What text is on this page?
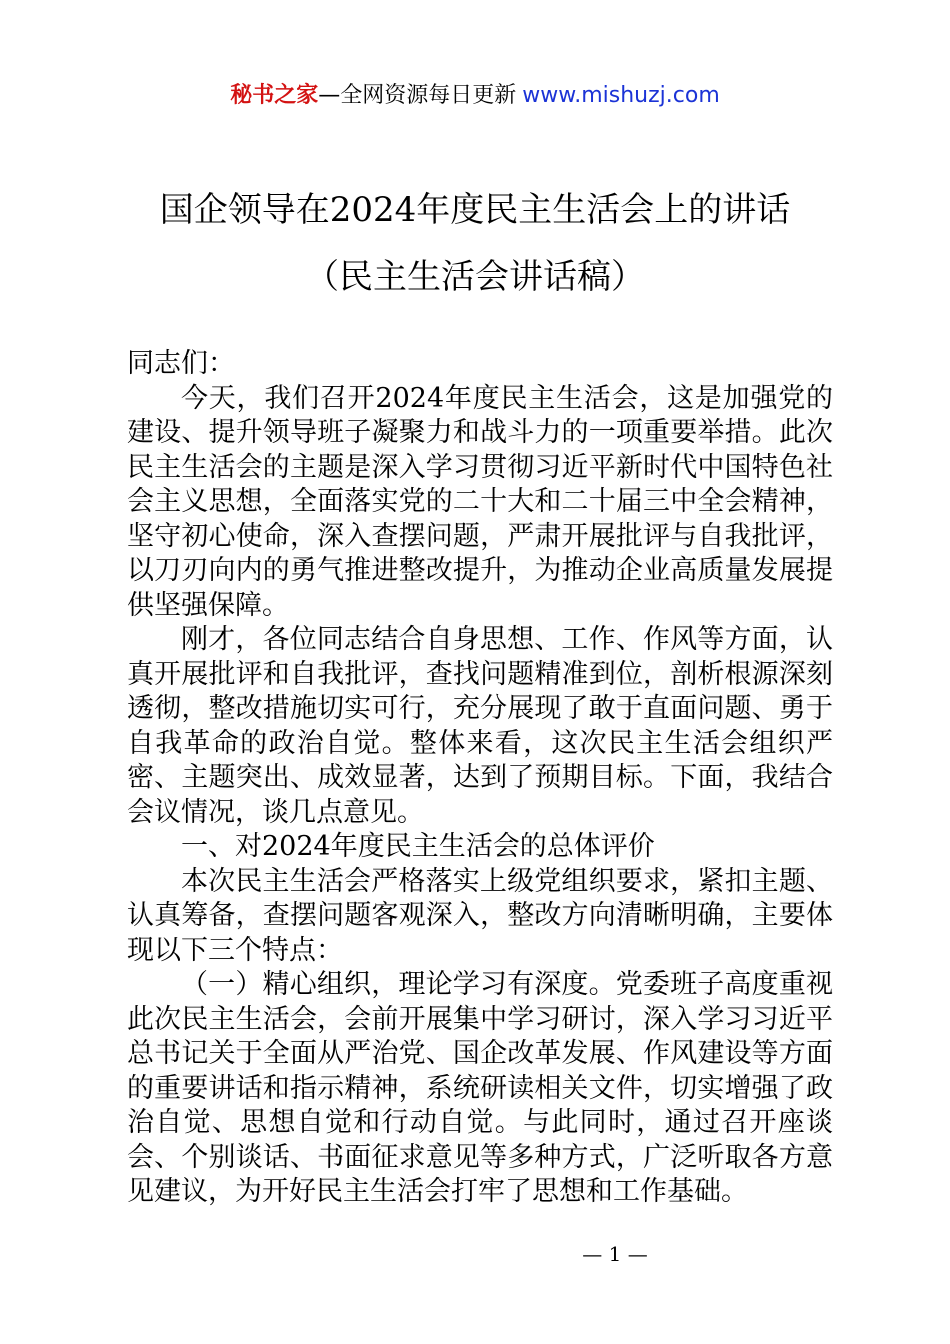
秘书之家—全网资源每日更新 www.mishuzj.com
国企领导在2024年度民主生活会上的讲话
（民主生活会讲话稿）

同志们：

今天，我们召开2024年度民主生活会，这是加强党的建设、提升领导班子凝聚力和战斗力的一项重要举措。此次民主生活会的主题是深入学习贯彻习近平新时代中国特色社会主义思想，全面落实党的二十大和二十届三中全会精神，坚守初心使命，深入查摆问题，严肃开展批评与自我批评，以刀刃向内的勇气推进整改提升，为推动企业高质量发展提供坚强保障。

刚才，各位同志结合自身思想、工作、作风等方面，认真开展批评和自我批评，查找问题精准到位，剖析根源深刻透彻，整改措施切实可行，充分展现了敢于直面问题、勇于自我革命的政治自觉。整体来看，这次民主生活会组织严密、主题突出、成效显著，达到了预期目标。下面，我结合会议情况，谈几点意见。

一、对2024年度民主生活会的总体评价

本次民主生活会严格落实上级党组织要求，紧扣主题、认真筹备，查摆问题客观深入，整改方向清晰明确，主要体现以下三个特点：

（一）精心组织，理论学习有深度。党委班子高度重视此次民主生活会，会前开展集中学习研讨，深入学习习近平总书记关于全面从严治党、国企改革发展、作风建设等方面的重要讲话和指示精神，系统研读相关文件，切实增强了政治自觉、思想自觉和行动自觉。与此同时，通过召开座谈会、个别谈话、书面征求意见等多种方式，广泛听取各方意见建议，为开好民主生活会打牢了思想和工作基础。

— 1 —
